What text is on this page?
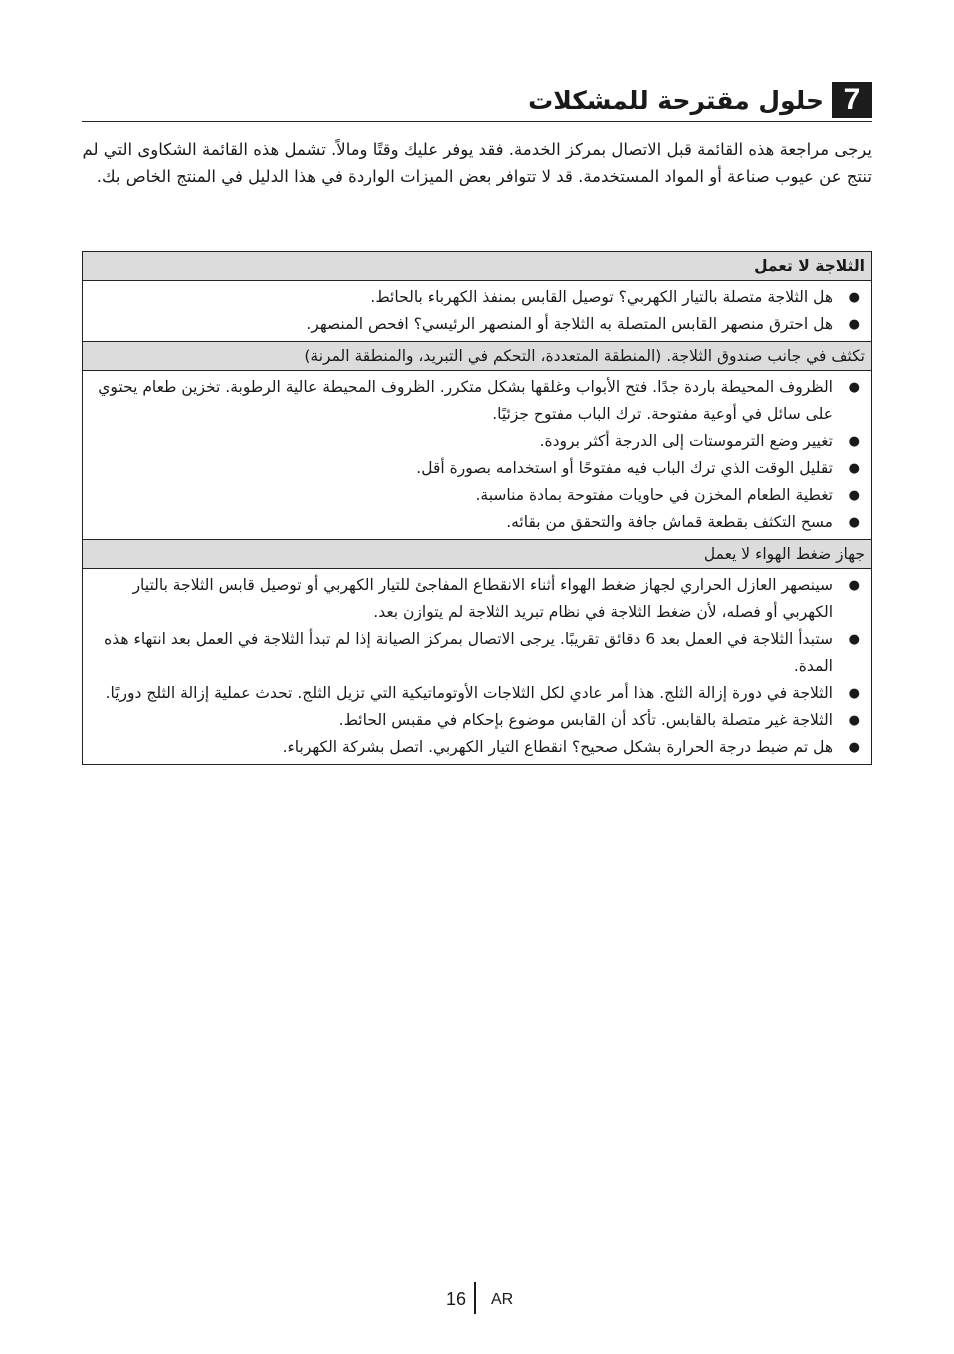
7
حلول مقترحة للمشكلات
يرجى مراجعة هذه القائمة قبل الاتصال بمركز الخدمة. فقد يوفر عليك وقتًا ومالاً. تشمل هذه القائمة الشكاوى التي لم تنتج عن عيوب صناعة أو المواد المستخدمة. قد لا تتوافر بعض الميزات الواردة في هذا الدليل في المنتج الخاص بك.
الثلاجة لا تعمل
●
هل الثلاجة متصلة بالتيار الكهربي؟ توصيل القابس بمنفذ الكهرباء بالحائط.
●
هل احترق منصهر القابس المتصلة به الثلاجة أو المنصهر الرئيسي؟ افحص المنصهر.
تكثف في جانب صندوق الثلاجة. (المنطقة المتعددة، التحكم في التبريد، والمنطقة المرنة)
●
الظروف المحيطة باردة جدًا. فتح الأبواب وغلقها بشكل متكرر. الظروف المحيطة عالية الرطوبة. تخزين طعام يحتوي على سائل في أوعية مفتوحة. ترك الباب مفتوح جزئيًا.
●
تغيير وضع الترموستات إلى الدرجة أكثر برودة.
●
تقليل الوقت الذي ترك الباب فيه مفتوحًا أو استخدامه بصورة أقل.
●
تغطية الطعام المخزن في حاويات مفتوحة بمادة مناسبة.
●
مسح التكثف بقطعة قماش جافة والتحقق من بقائه.
جهاز ضغط الهواء لا يعمل
●
سينصهر العازل الحراري لجهاز ضغط الهواء أثناء الانقطاع المفاجئ للتيار الكهربي أو توصيل قابس الثلاجة بالتيار الكهربي أو فصله، لأن ضغط الثلاجة في نظام تبريد الثلاجة لم يتوازن بعد.
●
ستبدأ الثلاجة في العمل بعد 6 دقائق تقريبًا. يرجى الاتصال بمركز الصيانة إذا لم تبدأ الثلاجة في العمل بعد انتهاء هذه المدة.
●
الثلاجة في دورة إزالة الثلج. هذا أمر عادي لكل الثلاجات الأوتوماتيكية التي تزيل الثلج. تحدث عملية إزالة الثلج دوريًا.
●
الثلاجة غير متصلة بالقابس. تأكد أن القابس موضوع بإحكام في مقبس الحائط.
●
هل تم ضبط درجة الحرارة بشكل صحيح؟ انقطاع التيار الكهربي. اتصل بشركة الكهرباء.
16 AR
